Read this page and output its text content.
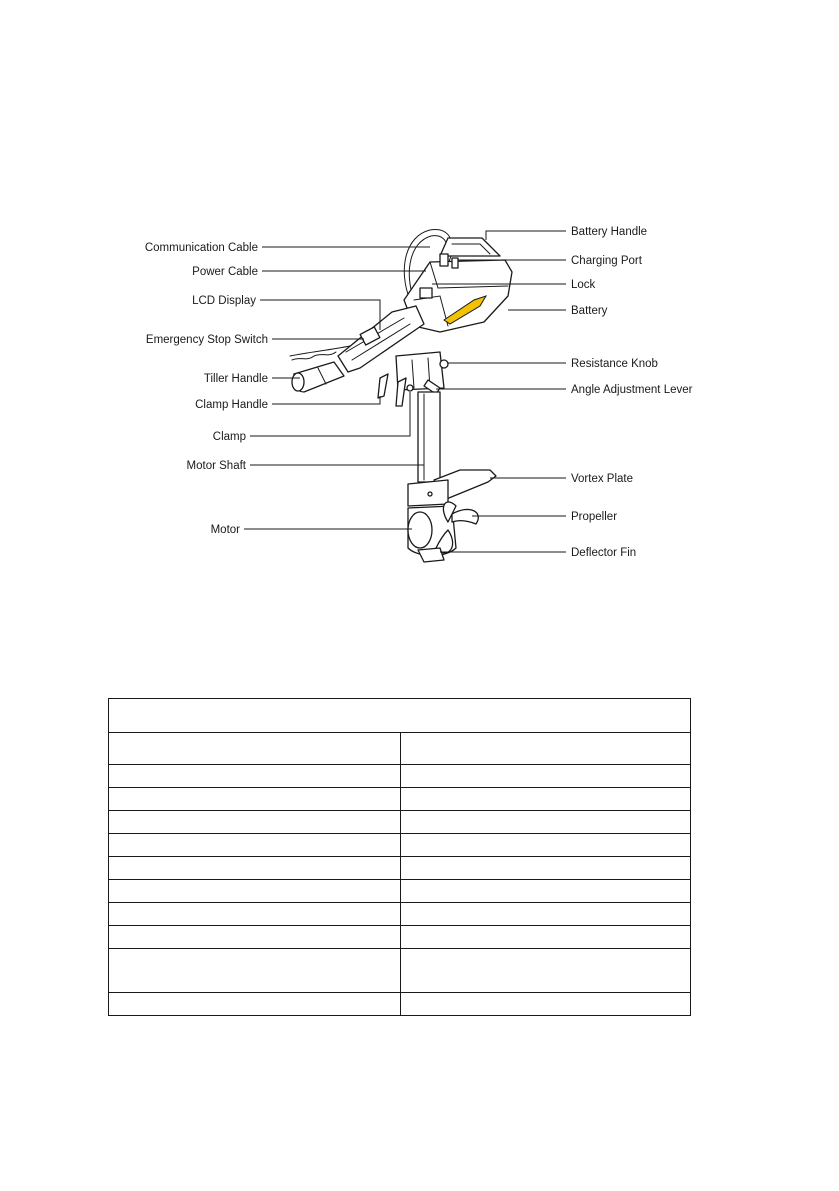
Communication Cable
Power Cable
LCD Display
Emergency Stop Switch
Tiller Handle
Clamp Handle
Clamp
Motor Shaft
Motor
Battery Handle
Charging Port
Lock
Battery
Resistance Knob
Angle Adjustment Lever
Vortex Plate
Propeller
Deflector Fin
